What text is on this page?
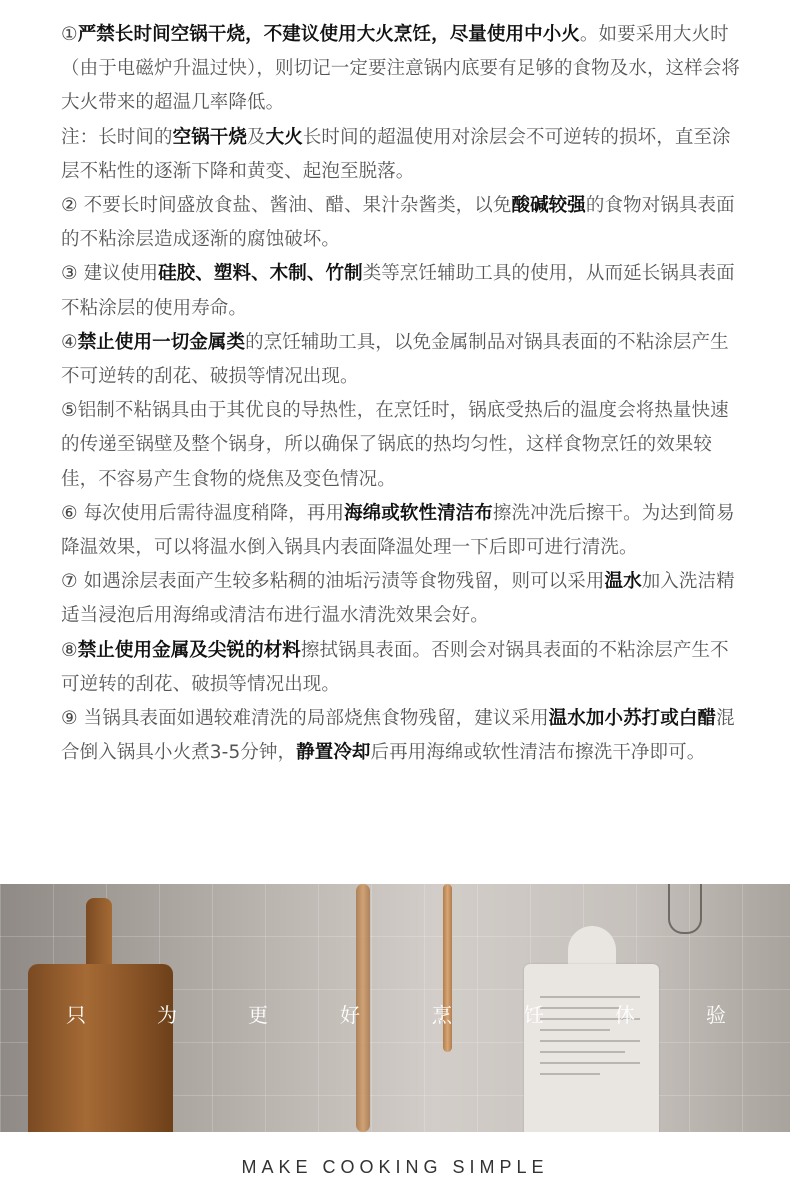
①严禁长时间空锅干烧，不建议使用大火烹饪，尽量使用中小火。如要采用大火时（由于电磁炉升温过快），则切记一定要注意锅内底要有足够的食物及水，这样会将大火带来的超温几率降低。

注：长时间的空锅干烧及大火长时间的超温使用对涂层会不可逆转的损坏，直至涂层不粘性的逐渐下降和黄变、起泡至脱落。

② 不要长时间盛放食盐、酱油、醋、果汁杂酱类，以免酸碱较强的食物对锅具表面的不粘涂层造成逐渐的腐蚀破坏。

③ 建议使用硅胶、塑料、木制、竹制类等烹饪辅助工具的使用，从而延长锅具表面不粘涂层的使用寿命。

④禁止使用一切金属类的烹饪辅助工具，以免金属制品对锅具表面的不粘涂层产生不可逆转的刮花、破损等情况出现。

⑤铝制不粘锅具由于其优良的导热性，在烹饪时，锅底受热后的温度会将热量快速的传递至锅壁及整个锅身，所以确保了锅底的热均匀性，这样食物烹饪的效果较佳，不容易产生食物的烧焦及变色情况。

⑥ 每次使用后需待温度稍降，再用海绵或软性清洁布擦洗冲洗后擦干。为达到简易降温效果，可以将温水倒入锅具内表面降温处理一下后即可进行清洗。

⑦ 如遇涂层表面产生较多粘稠的油垢污渍等食物残留，则可以采用温水加入洗洁精适当浸泡后用海绵或清洁布进行温水清洗效果会好。

⑧禁止使用金属及尖锐的材料擦拭锅具表面。否则会对锅具表面的不粘涂层产生不可逆转的刮花、破损等情况出现。

⑨ 当锅具表面如遇较难清洗的局部烧焦食物残留，建议采用温水加小苏打或白醋混合倒入锅具小火煮3-5分钟，静置冷却后再用海绵或软性清洁布擦洗干净即可。

只	为	更	好	烹	饪	体	验
MAKE COOKING SIMPLE
